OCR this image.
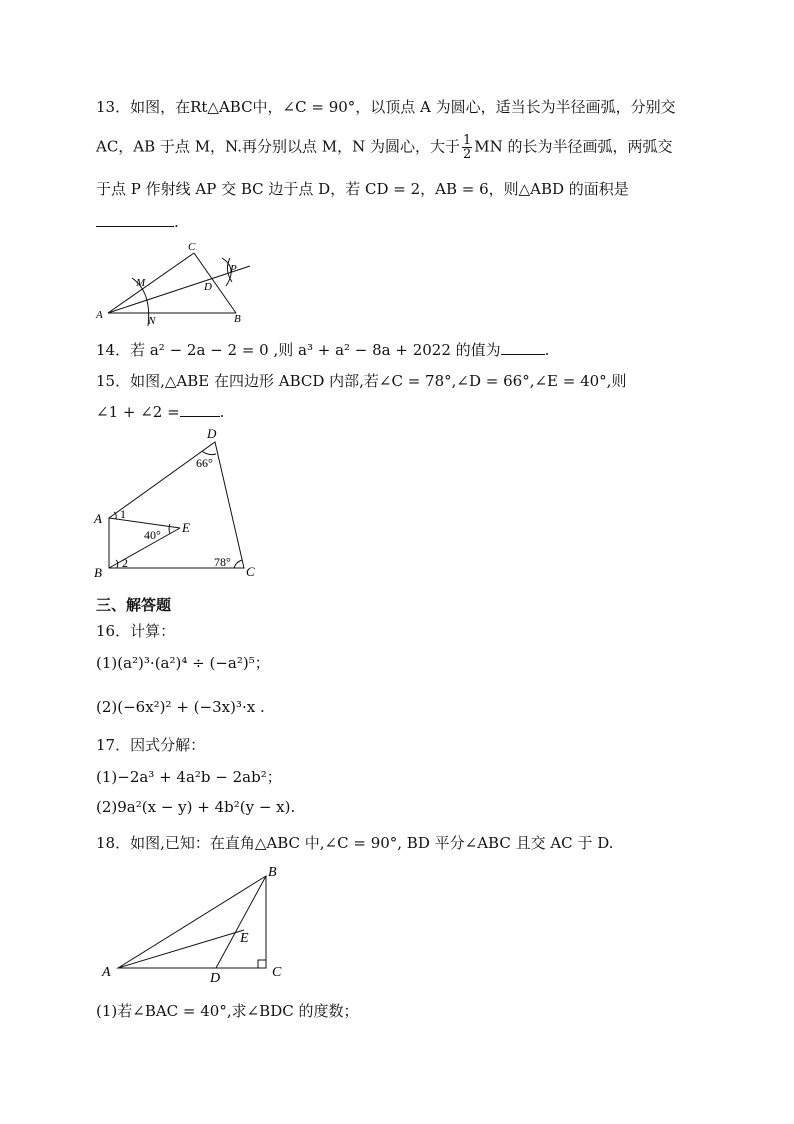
13．如图，在Rt△ABC中，∠C = 90°，以顶点 A 为圆心，适当长为半径画弧，分别交
AC，AB 于点 M，N.再分别以点 M，N 为圆心，大于 $\frac{1}{2}$ MN 的长为半径画弧，两弧交
于点 P 作射线 AP 交 BC 边于点 D，若 CD = 2，AB = 6，则△ABD 的面积是
.
A	B
C
D
M
N
P
14．若 a² − 2a − 2 = 0 ,则 a³ + a² − 8a + 2022 的值为	.
15．如图,△ABE 在四边形 ABCD 内部,若∠C = 78°,∠D = 66°,∠E = 40°,则
∠1 + ∠2 =	.
A
B	C
D
E
1
2
66°
40°
78°
三、解答题
16．计算：
(1)(a²)³·(a²)⁴ ÷ (−a²)⁵；
(2)(−6x²)² + (−3x)³·x .
17．因式分解：
(1)−2a³ + 4a²b − 2ab²；
(2)9a²(x − y) + 4b²(y − x).
18．如图,已知：在直角△ABC 中,∠C = 90°, BD 平分∠ABC 且交 AC 于 D.
A
B
C
D
E
(1)若∠BAC = 40°,求∠BDC 的度数；
